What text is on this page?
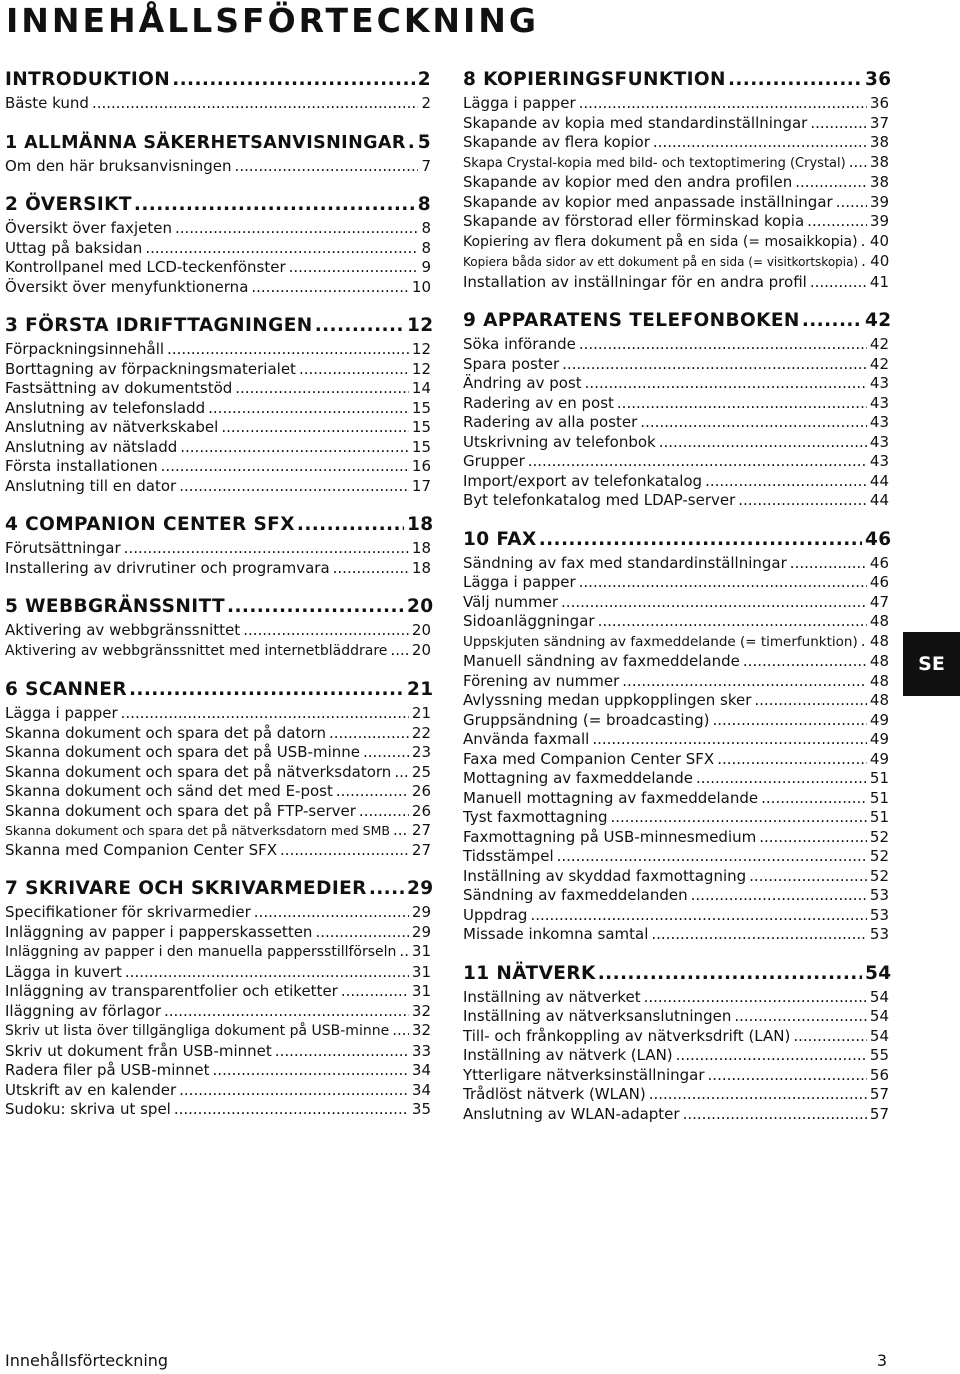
INNEHÅLLSFÖRTECKNING
INTRODUKTION .....	2
Bäste kund .....	2
1 ALLMÄNNA SÄKERHETSANVISNINGAR ..... 5
Om den här bruksanvisningen .....	7
2 ÖVERSIKT .....	8
Översikt över faxjeten .....	8
Uttag på baksidan .....	8
Kontrollpanel med LCD-teckenfönster .....	9
Översikt över menyfunktionerna .....	10
3 FÖRSTA IDRIFTTAGNINGEN .....	12
Förpackningsinnehåll .....	12
Borttagning av förpackningsmaterialet .....	12
Fastsättning av dokumentstöd .....	14
Anslutning av telefonsladd .....	15
Anslutning av nätverkskabel .....	15
Anslutning av nätsladd .....	15
Första installationen .....	16
Anslutning till en dator .....	17
4 COMPANION CENTER SFX .....	18
Förutsättningar .....	18
Installering av drivrutiner och programvara .....	18
5 WEBBGRÄNSSNITT .....	20
Aktivering av webbgränssnittet .....	20
Aktivering av webbgränssnittet med internetbläddrare ..... 20
6 SCANNER .....	21
Lägga i papper .....	21
Skanna dokument och spara det på datorn .....	22
Skanna dokument och spara det på USB-minne .....	23
Skanna dokument och spara det på nätverksdatorn ..... 25
Skanna dokument och sänd det med E-post .....	26
Skanna dokument och spara det på FTP-server .....	26
Skanna dokument och spara det på nätverksdatorn med SMB ..... 27
Skanna med Companion Center SFX .....	27
7 SKRIVARE OCH SKRIVARMEDIER ..... 29
Specifikationer för skrivarmedier .....	29
Inläggning av papper i papperskassetten .....	29
Inläggning av papper i den manuella pappersstillförseln ..... 31
Lägga in kuvert .....	31
Inläggning av transparentfolier och etiketter .....	31
Iläggning av förlagor .....	32
Skriv ut lista över tillgängliga dokument på USB-minne ..... 32
Skriv ut dokument från USB-minnet .....	33
Radera filer på USB-minnet .....	34
Utskrift av en kalender .....	34
Sudoku: skriva ut spel .....	35
8 KOPIERINGSFUNKTION .....	36
Lägga i papper .....	36
Skapande av kopia med standardinställningar .....	37
Skapande av flera kopior .....	38
Skapa Crystal-kopia med bild- och textoptimering (Crystal) ..... 38
Skapande av kopior med den andra profilen .....	38
Skapande av kopior med anpassade inställningar ..... 39
Skapande av förstorad eller förminskad kopia .....	39
Kopiering av flera dokument på en sida (= mosaikkopia) ..... 40
Kopiera båda sidor av ett dokument på en sida (= visitkortskopia) ..... 40
Installation av inställningar för en andra profil .....	41
9 APPARATENS TELEFONBOKEN .....	42
Söka införande .....	42
Spara poster .....	42
Ändring av post .....	43
Radering av en post .....	43
Radering av alla poster .....	43
Utskrivning av telefonbok .....	43
Grupper .....	43
Import/export av telefonkatalog .....	44
Byt telefonkatalog med LDAP-server .....	44
10 FAX .....	46
Sändning av fax med standardinställningar .....	46
Lägga i papper .....	46
Välj nummer .....	47
Sidoanläggningar .....	48
Uppskjuten sändning av faxmeddelande (= timerfunktion) ..... 48
Manuell sändning av faxmeddelande .....	48
Förening av nummer .....	48
Avlyssning medan uppkopplingen sker .....	48
Gruppsändning (= broadcasting) .....	49
Använda faxmall .....	49
Faxa med Companion Center SFX .....	49
Mottagning av faxmeddelande .....	51
Manuell mottagning av faxmeddelande .....	51
Tyst faxmottagning .....	51
Faxmottagning på USB-minnesmedium .....	52
Tidsstämpel .....	52
Inställning av skyddad faxmottagning .....	52
Sändning av faxmeddelanden .....	53
Uppdrag .....	53
Missade inkomna samtal .....	53
11 NÄTVERK .....	54
Inställning av nätverket .....	54
Inställning av nätverksanslutningen .....	54
Till- och frånkoppling av nätverksdrift (LAN) .....	54
Inställning av nätverk (LAN) .....	55
Ytterligare nätverksinställningar .....	56
Trådlöst nätverk (WLAN) .....	57
Anslutning av WLAN-adapter .....	57
SE
Innehållsförteckning	3
